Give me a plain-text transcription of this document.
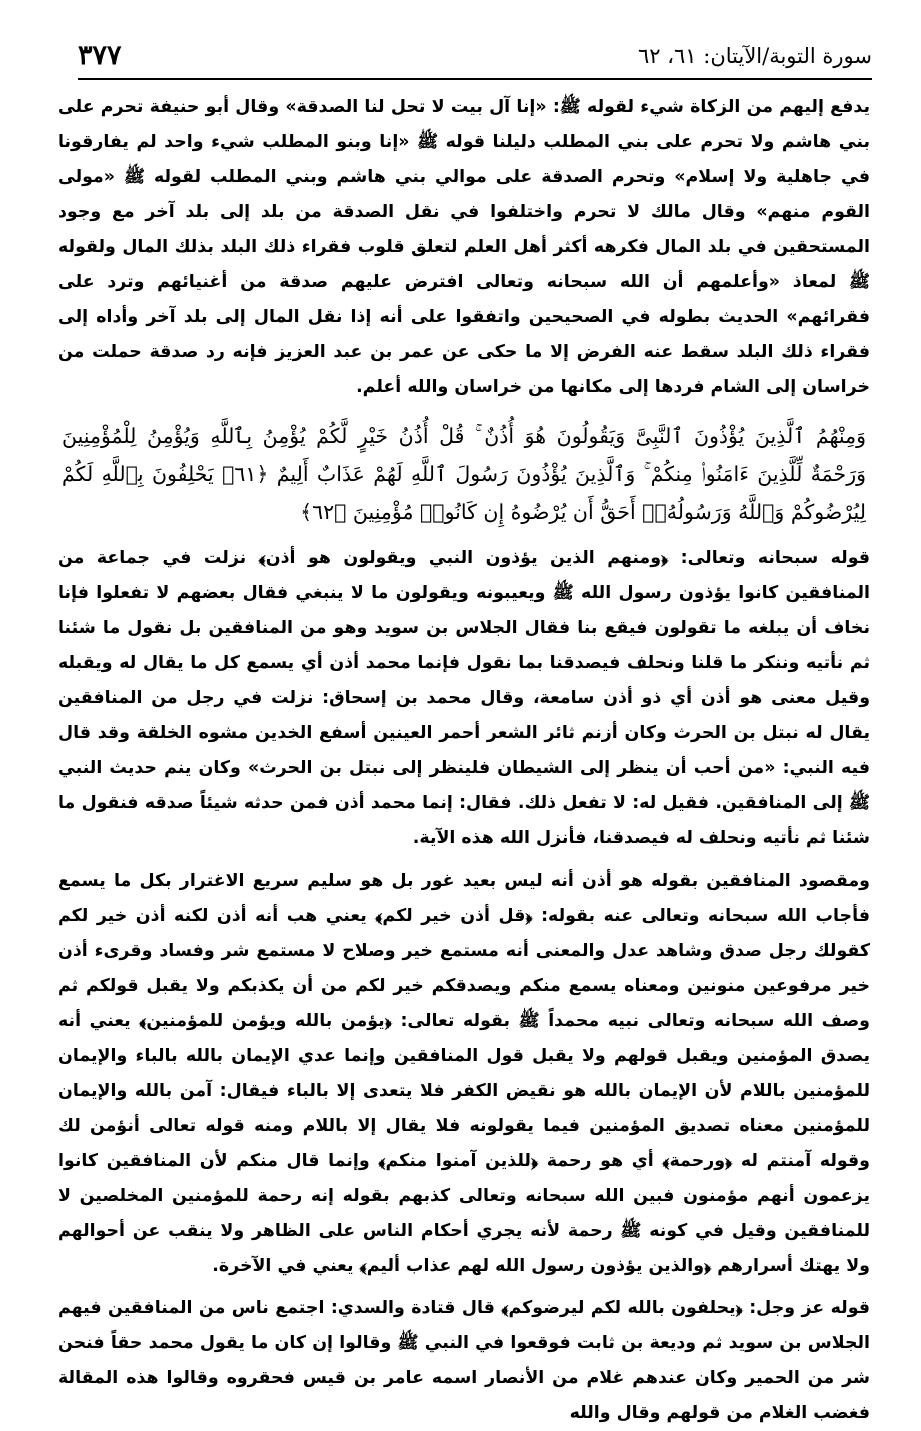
٣٧٧	سورة التوبة/الآيتان: ٦١، ٦٢

يدفع إليهم من الزكاة شيء لقوله ﷺ: «إنا آل بيت لا تحل لنا الصدقة» وقال أبو حنيفة تحرم على بني هاشم ولا تحرم على بني المطلب دليلنا قوله ﷺ «إنا وبنو المطلب شيء واحد لم يفارقونا في جاهلية ولا إسلام» وتحرم الصدقة على موالي بني هاشم وبني المطلب لقوله ﷺ «مولى القوم منهم» وقال مالك لا تحرم واختلفوا في نقل الصدقة من بلد إلى بلد آخر مع وجود المستحقين في بلد المال فكرهه أكثر أهل العلم لتعلق قلوب فقراء ذلك البلد بذلك المال ولقوله ﷺ لمعاذ «وأعلمهم أن الله سبحانه وتعالى افترض عليهم صدقة من أغنيائهم وترد على فقرائهم» الحديث بطوله في الصحيحين واتفقوا على أنه إذا نقل المال إلى بلد آخر وأداه إلى فقراء ذلك البلد سقط عنه الفرض إلا ما حكى عن عمر بن عبد العزيز فإنه رد صدقة حملت من خراسان إلى الشام فردها إلى مكانها من خراسان والله أعلم.

وَمِنْهُمُ ٱلَّذِينَ يُؤْذُونَ ٱلنَّبِىَّ وَيَقُولُونَ هُوَ أُذُنٌ ۚ قُلْ أُذُنُ خَيْرٍ لَّكُمْ يُؤْمِنُ بِٱللَّهِ وَيُؤْمِنُ لِلْمُؤْمِنِينَ وَرَحْمَةٌ لِّلَّذِينَ ءَامَنُوا۟ مِنكُمْ ۚ وَٱلَّذِينَ يُؤْذُونَ رَسُولَ ٱللَّهِ لَهُمْ عَذَابٌ أَلِيمٌ ﴿٦١﴾ يَحْلِفُونَ بِٱللَّهِ لَكُمْ لِيُرْضُوكُمْ وَٱللَّهُ وَرَسُولُهُۥٓ أَحَقُّ أَن يُرْضُوهُ إِن كَانُوا۟ مُؤْمِنِينَ ﴿٦٢﴾

قوله سبحانه وتعالى: ﴿ومنهم الذين يؤذون النبي ويقولون هو أذن﴾ نزلت في جماعة من المنافقين كانوا يؤذون رسول الله ﷺ ويعيبونه ويقولون ما لا ينبغي فقال بعضهم لا تفعلوا فإنا نخاف أن يبلغه ما تقولون فيقع بنا فقال الجلاس بن سويد وهو من المنافقين بل نقول ما شئنا ثم نأتيه وننكر ما قلنا ونحلف فيصدقنا بما نقول فإنما محمد أذن أي يسمع كل ما يقال له ويقبله وقيل معنى هو أذن أي ذو أذن سامعة، وقال محمد بن إسحاق: نزلت في رجل من المنافقين يقال له نبتل بن الحرث وكان أزنم ثائر الشعر أحمر العينين أسفع الخدين مشوه الخلقة وقد قال فيه النبي: «من أحب أن ينظر إلى الشيطان فلينظر إلى نبتل بن الحرث» وكان ينم حديث النبي ﷺ إلى المنافقين. فقيل له: لا تفعل ذلك. فقال: إنما محمد أذن فمن حدثه شيئاً صدقه فنقول ما شئنا ثم نأتيه ونحلف له فيصدقنا، فأنزل الله هذه الآية.

ومقصود المنافقين بقوله هو أذن أنه ليس بعيد غور بل هو سليم سريع الاغترار بكل ما يسمع فأجاب الله سبحانه وتعالى عنه بقوله: ﴿قل أذن خير لكم﴾ يعني هب أنه أذن لكنه أذن خير لكم كقولك رجل صدق وشاهد عدل والمعنى أنه مستمع خير وصلاح لا مستمع شر وفساد وقرىء أذن خير مرفوعين منونين ومعناه يسمع منكم ويصدقكم خير لكم من أن يكذبكم ولا يقبل قولكم ثم وصف الله سبحانه وتعالى نبيه محمداً ﷺ بقوله تعالى: ﴿يؤمن بالله ويؤمن للمؤمنين﴾ يعني أنه يصدق المؤمنين ويقبل قولهم ولا يقبل قول المنافقين وإنما عدي الإيمان بالله بالباء والإيمان للمؤمنين باللام لأن الإيمان بالله هو نقيض الكفر فلا يتعدى إلا بالباء فيقال: آمن بالله والإيمان للمؤمنين معناه تصديق المؤمنين فيما يقولونه فلا يقال إلا باللام ومنه قوله تعالى أنؤمن لك وقوله آمنتم له ﴿ورحمة﴾ أي هو رحمة ﴿للذين آمنوا منكم﴾ وإنما قال منكم لأن المنافقين كانوا يزعمون أنهم مؤمنون فبين الله سبحانه وتعالى كذبهم بقوله إنه رحمة للمؤمنين المخلصين لا للمنافقين وقيل في كونه ﷺ رحمة لأنه يجري أحكام الناس على الظاهر ولا ينقب عن أحوالهم ولا يهتك أسرارهم ﴿والذين يؤذون رسول الله لهم عذاب أليم﴾ يعني في الآخرة.

قوله عز وجل: ﴿يحلفون بالله لكم ليرضوكم﴾ قال قتادة والسدي: اجتمع ناس من المنافقين فيهم الجلاس بن سويد ثم وديعة بن ثابت فوقعوا في النبي ﷺ وقالوا إن كان ما يقول محمد حقاً فنحن شر من الحمير وكان عندهم غلام من الأنصار اسمه عامر بن قيس فحقروه وقالوا هذه المقالة فغضب الغلام من قولهم وقال والله
